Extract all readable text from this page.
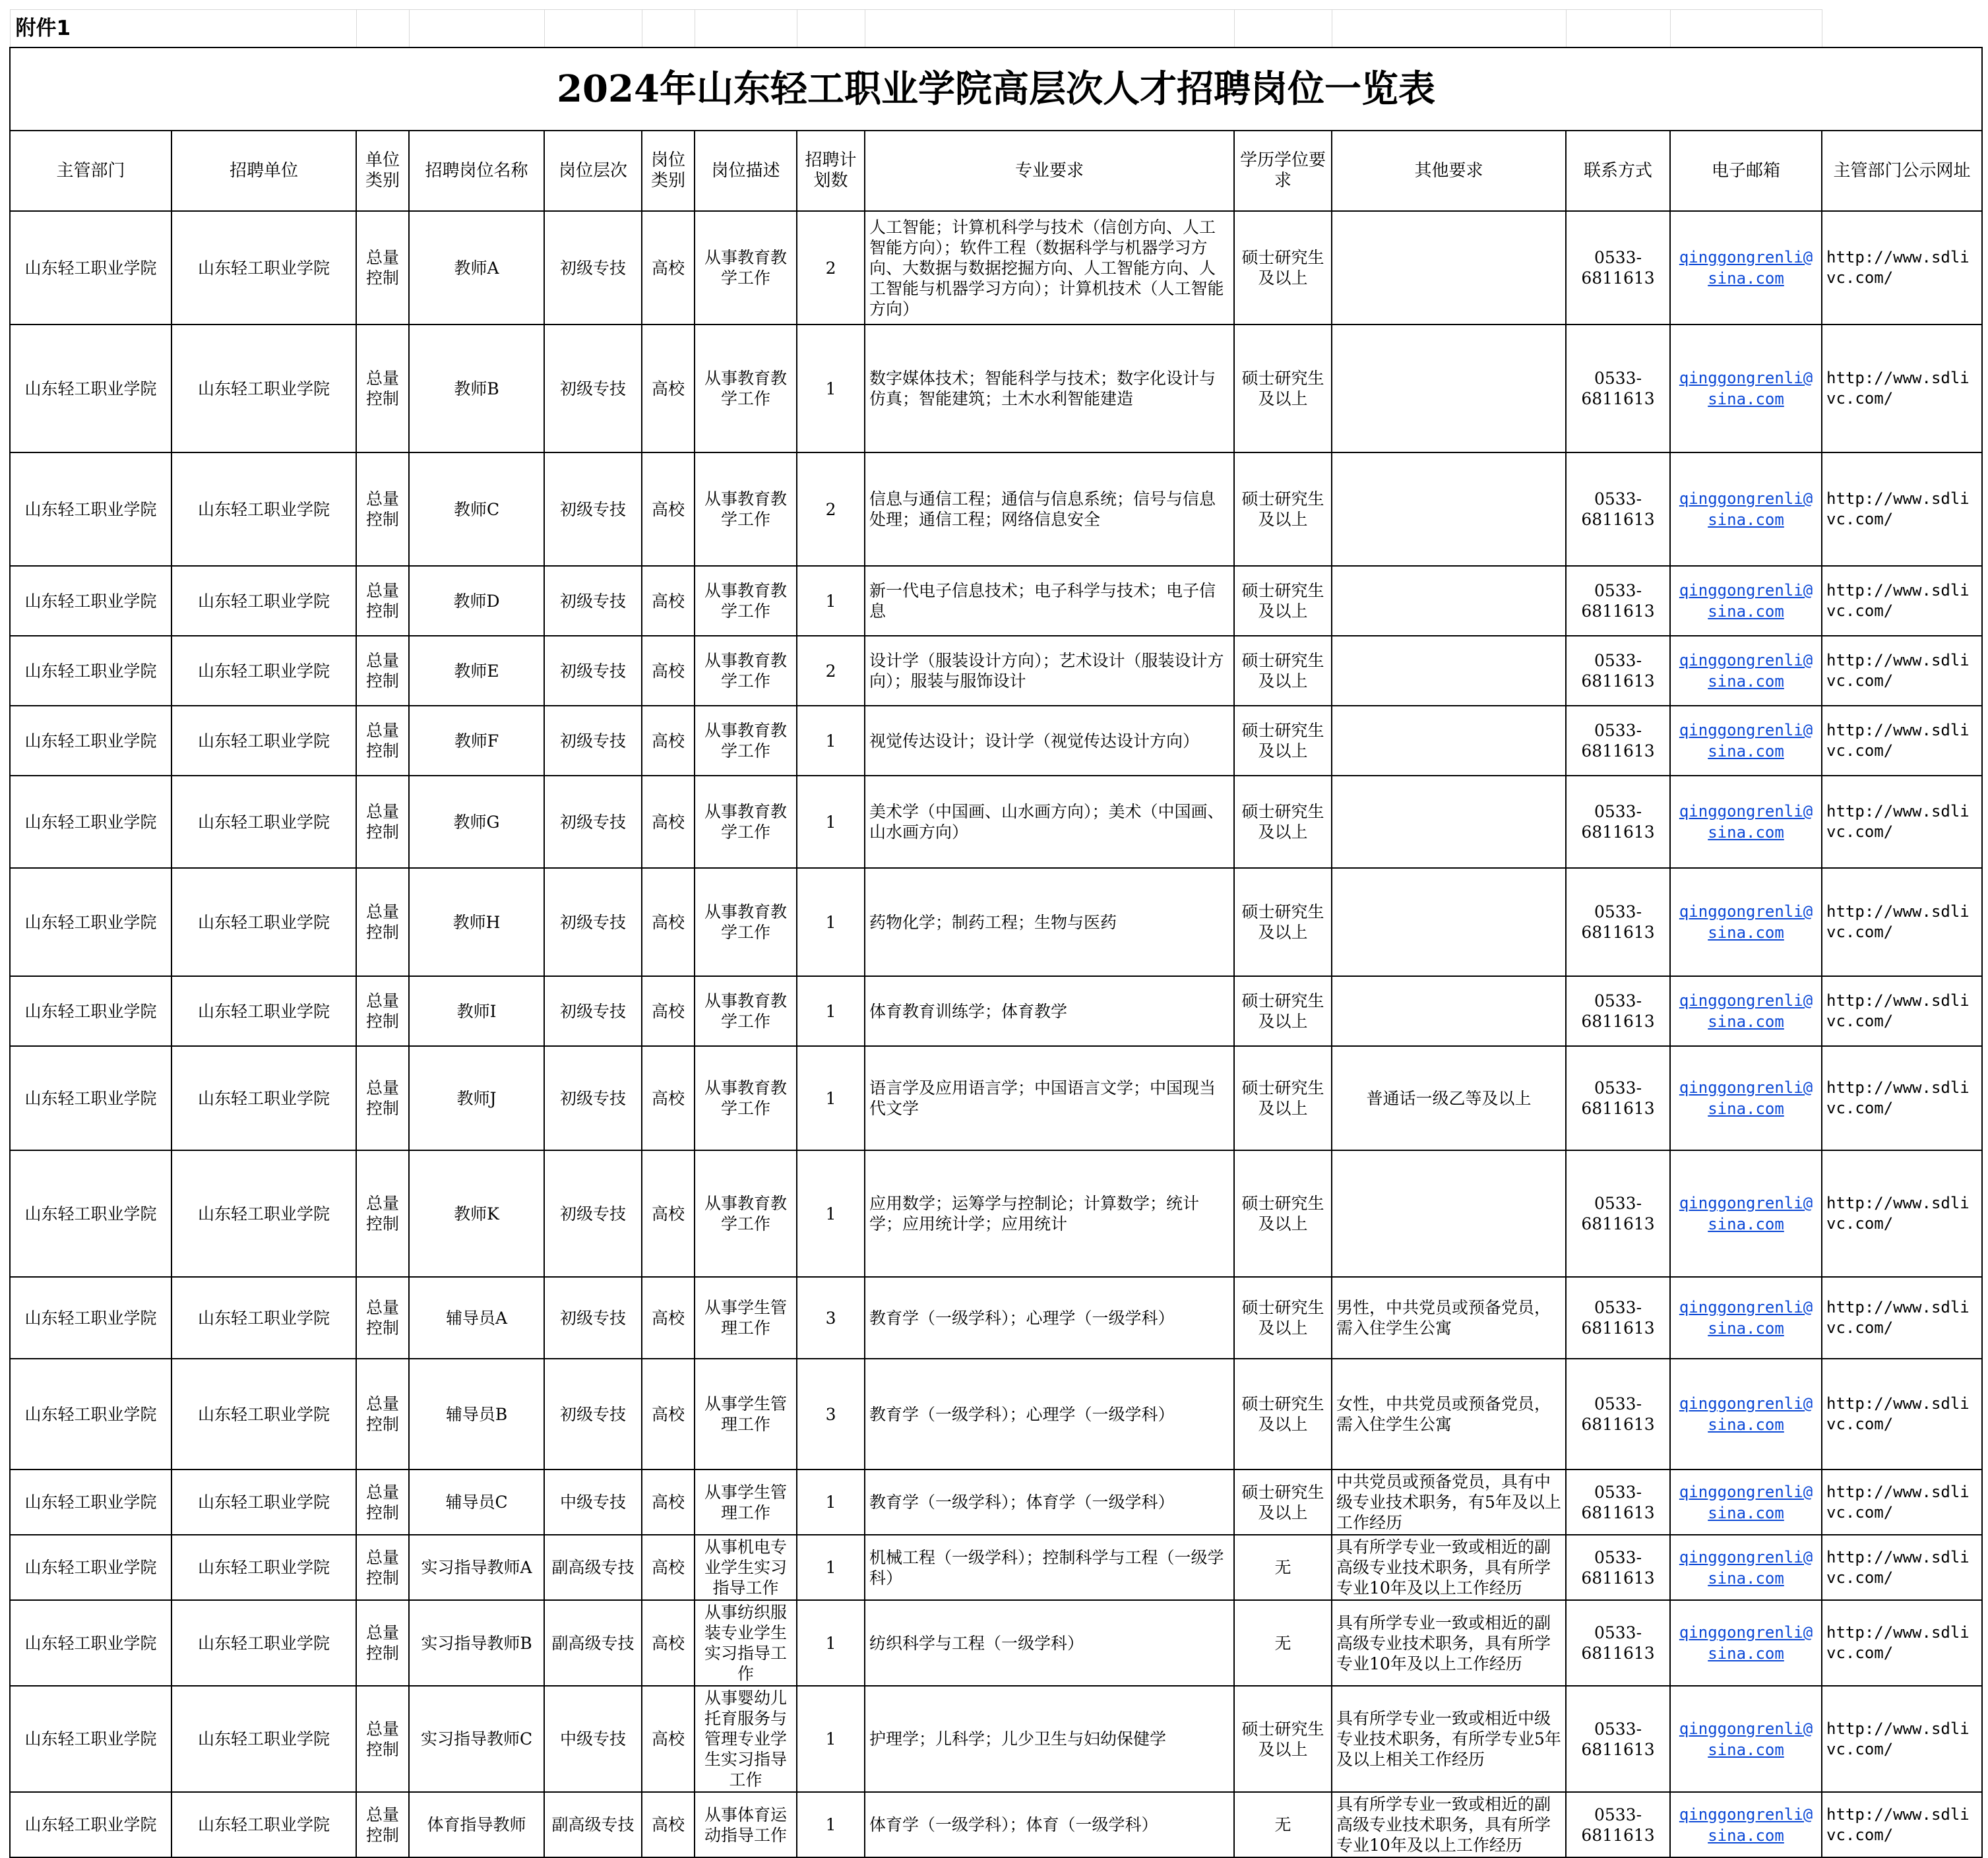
附件1													
2024年山东轻工职业学院高层次人才招聘岗位一览表													
主管部门	招聘单位	单位类别	招聘岗位名称	岗位层次	岗位类别	岗位描述	招聘计划数	专业要求	学历学位要求	其他要求	联系方式	电子邮箱	主管部门公示网址
山东轻工职业学院	山东轻工职业学院	总量控制	教师A	初级专技	高校	从事教育教学工作	2	人工智能；计算机科学与技术（信创方向、人工智能方向）；软件工程（数据科学与机器学习方向、大数据与数据挖掘方向、人工智能方向、人工智能与机器学习方向）；计算机技术（人工智能方向）	硕士研究生及以上		0533-6811613	qinggongrenli@sina.com	http://www.sdlivc.com/
山东轻工职业学院	山东轻工职业学院	总量控制	教师B	初级专技	高校	从事教育教学工作	1	数字媒体技术；智能科学与技术；数字化设计与仿真；智能建筑；土木水利智能建造	硕士研究生及以上		0533-6811613	qinggongrenli@sina.com	http://www.sdlivc.com/
山东轻工职业学院	山东轻工职业学院	总量控制	教师C	初级专技	高校	从事教育教学工作	2	信息与通信工程；通信与信息系统；信号与信息处理；通信工程；网络信息安全	硕士研究生及以上		0533-6811613	qinggongrenli@sina.com	http://www.sdlivc.com/
山东轻工职业学院	山东轻工职业学院	总量控制	教师D	初级专技	高校	从事教育教学工作	1	新一代电子信息技术；电子科学与技术；电子信息	硕士研究生及以上		0533-6811613	qinggongrenli@sina.com	http://www.sdlivc.com/
山东轻工职业学院	山东轻工职业学院	总量控制	教师E	初级专技	高校	从事教育教学工作	2	设计学（服装设计方向）；艺术设计（服装设计方向）；服装与服饰设计	硕士研究生及以上		0533-6811613	qinggongrenli@sina.com	http://www.sdlivc.com/
山东轻工职业学院	山东轻工职业学院	总量控制	教师F	初级专技	高校	从事教育教学工作	1	视觉传达设计；设计学（视觉传达设计方向）	硕士研究生及以上		0533-6811613	qinggongrenli@sina.com	http://www.sdlivc.com/
山东轻工职业学院	山东轻工职业学院	总量控制	教师G	初级专技	高校	从事教育教学工作	1	美术学（中国画、山水画方向）；美术（中国画、山水画方向）	硕士研究生及以上		0533-6811613	qinggongrenli@sina.com	http://www.sdlivc.com/
山东轻工职业学院	山东轻工职业学院	总量控制	教师H	初级专技	高校	从事教育教学工作	1	药物化学；制药工程；生物与医药	硕士研究生及以上		0533-6811613	qinggongrenli@sina.com	http://www.sdlivc.com/
山东轻工职业学院	山东轻工职业学院	总量控制	教师I	初级专技	高校	从事教育教学工作	1	体育教育训练学；体育教学	硕士研究生及以上		0533-6811613	qinggongrenli@sina.com	http://www.sdlivc.com/
山东轻工职业学院	山东轻工职业学院	总量控制	教师J	初级专技	高校	从事教育教学工作	1	语言学及应用语言学；中国语言文学；中国现当代文学	硕士研究生及以上	普通话一级乙等及以上	0533-6811613	qinggongrenli@sina.com	http://www.sdlivc.com/
山东轻工职业学院	山东轻工职业学院	总量控制	教师K	初级专技	高校	从事教育教学工作	1	应用数学；运筹学与控制论；计算数学；统计学；应用统计学；应用统计	硕士研究生及以上		0533-6811613	qinggongrenli@sina.com	http://www.sdlivc.com/
山东轻工职业学院	山东轻工职业学院	总量控制	辅导员A	初级专技	高校	从事学生管理工作	3	教育学（一级学科）；心理学（一级学科）	硕士研究生及以上	男性，中共党员或预备党员，需入住学生公寓	0533-6811613	qinggongrenli@sina.com	http://www.sdlivc.com/
山东轻工职业学院	山东轻工职业学院	总量控制	辅导员B	初级专技	高校	从事学生管理工作	3	教育学（一级学科）；心理学（一级学科）	硕士研究生及以上	女性，中共党员或预备党员，需入住学生公寓	0533-6811613	qinggongrenli@sina.com	http://www.sdlivc.com/
山东轻工职业学院	山东轻工职业学院	总量控制	辅导员C	中级专技	高校	从事学生管理工作	1	教育学（一级学科）；体育学（一级学科）	硕士研究生及以上	中共党员或预备党员，具有中级专业技术职务，有5年及以上工作经历	0533-6811613	qinggongrenli@sina.com	http://www.sdlivc.com/
山东轻工职业学院	山东轻工职业学院	总量控制	实习指导教师A	副高级专技	高校	从事机电专业学生实习指导工作	1	机械工程（一级学科）；控制科学与工程（一级学科）	无	具有所学专业一致或相近的副高级专业技术职务，具有所学专业10年及以上工作经历	0533-6811613	qinggongrenli@sina.com	http://www.sdlivc.com/
山东轻工职业学院	山东轻工职业学院	总量控制	实习指导教师B	副高级专技	高校	从事纺织服装专业学生实习指导工作	1	纺织科学与工程（一级学科）	无	具有所学专业一致或相近的副高级专业技术职务，具有所学专业10年及以上工作经历	0533-6811613	qinggongrenli@sina.com	http://www.sdlivc.com/
山东轻工职业学院	山东轻工职业学院	总量控制	实习指导教师C	中级专技	高校	从事婴幼儿托育服务与管理专业学生实习指导工作	1	护理学；儿科学；儿少卫生与妇幼保健学	硕士研究生及以上	具有所学专业一致或相近中级专业技术职务，有所学专业5年及以上相关工作经历	0533-6811613	qinggongrenli@sina.com	http://www.sdlivc.com/
山东轻工职业学院	山东轻工职业学院	总量控制	体育指导教师	副高级专技	高校	从事体育运动指导工作	1	体育学（一级学科）；体育（一级学科）	无	具有所学专业一致或相近的副高级专业技术职务，具有所学专业10年及以上工作经历	0533-6811613	qinggongrenli@sina.com	http://www.sdlivc.com/
